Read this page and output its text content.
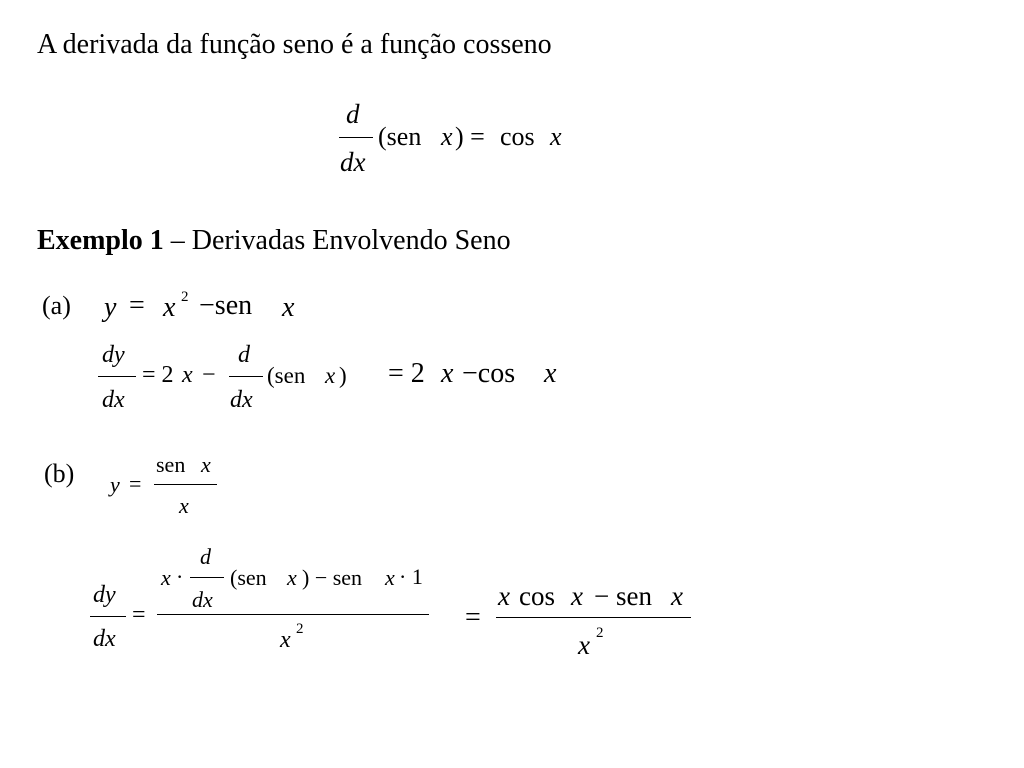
A derivada da função seno é a função cosseno
d
dx
(sen x ) = cos x
Exemplo 1 – Derivadas Envolvendo Seno
(a) y = x 2 −sen x
dy
dx
= 2 x −
d
dx
(sen x ) = 2 x −cos x
(b) y =
sen x
x
dy
dx
=
x ·
d
dx
(sen x ) − sen x · 1
x 2	=
x cos x − sen x
x 2
